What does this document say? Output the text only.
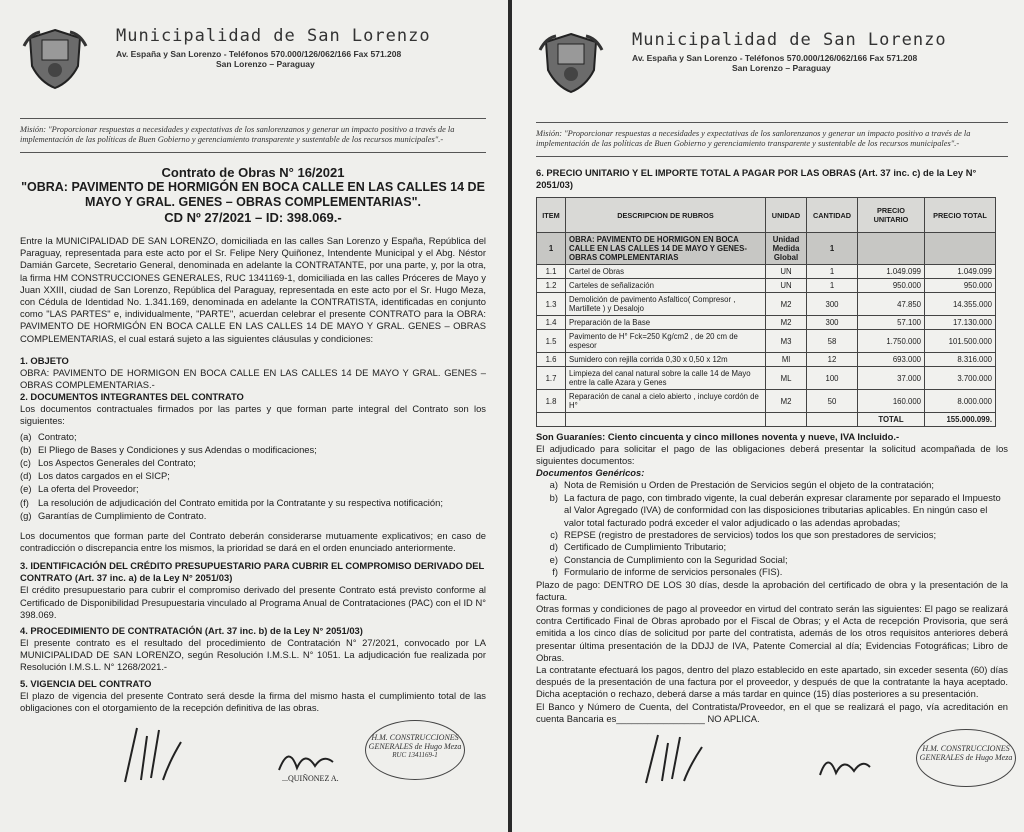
Municipalidad de San Lorenzo
Av. España y San Lorenzo - Teléfonos 570.000/126/062/166 Fax 571.208
San Lorenzo – Paraguay
Misión: "Proporcionar respuestas a necesidades y expectativas de los sanlorenzanos y generar un impacto positivo a través de la implementación de las políticas de Buen Gobierno y gerenciamiento transparente y sustentable de los recursos municipales".-
Contrato de Obras N° 16/2021
"OBRA: PAVIMENTO DE HORMIGÓN EN BOCA CALLE EN LAS CALLES 14 DE MAYO Y GRAL. GENES – OBRAS COMPLEMENTARIAS".
CD Nº 27/2021 – ID: 398.069.-
Entre la MUNICIPALIDAD DE SAN LORENZO, domiciliada en las calles San Lorenzo y España, República del Paraguay, representada para este acto por el Sr. Felipe Nery Quiñonez, Intendente Municipal y el Abg. Néstor Damián Garcete, Secretario General, denominada en adelante la CONTRATANTE, por una parte, y, por la otra, la firma HM CONSTRUCCIONES GENERALES, RUC 1341169-1, domiciliada en las calles Próceres de Mayo y Juan XXIII, ciudad de San Lorenzo, República del Paraguay, representada en este acto por el Sr. Hugo Meza, con Cédula de Identidad No. 1.341.169, denominada en adelante la CONTRATISTA, identificadas en conjunto como "LAS PARTES" e, individualmente, "PARTE", acuerdan celebrar el presente CONTRATO para la OBRA: PAVIMENTO DE HORMIGÓN EN BOCA CALLE EN LAS CALLES 14 DE MAYO Y GRAL. GENES – OBRAS COMPLEMENTARIAS, el cual estará sujeto a las siguientes cláusulas y condiciones:
1. OBJETO
OBRA: PAVIMENTO DE HORMIGON EN BOCA CALLE EN LAS CALLES 14 DE MAYO Y GRAL. GENES – OBRAS COMPLEMENTARIAS.-
2. DOCUMENTOS INTEGRANTES DEL CONTRATO
Los documentos contractuales firmados por las partes y que forman parte integral del Contrato son los siguientes:
(a) Contrato;
(b) El Pliego de Bases y Condiciones y sus Adendas o modificaciones;
(c) Los Aspectos Generales del Contrato;
(d) Los datos cargados en el SICP;
(e) La oferta del Proveedor;
(f) La resolución de adjudicación del Contrato emitida por la Contratante y su respectiva notificación;
(g) Garantías de Cumplimiento de Contrato.
Los documentos que forman parte del Contrato deberán considerarse mutuamente explicativos; en caso de contradicción o discrepancia entre los mismos, la prioridad se dará en el orden enunciado anteriormente.
3. IDENTIFICACIÓN DEL CRÉDITO PRESUPUESTARIO PARA CUBRIR EL COMPROMISO DERIVADO DEL CONTRATO (Art. 37 inc. a) de la Ley N° 2051/03)
El crédito presupuestario para cubrir el compromiso derivado del presente Contrato está previsto conforme al Certificado de Disponibilidad Presupuestaria vinculado al Programa Anual de Contrataciones (PAC) con el ID N° 398.069.
4. PROCEDIMIENTO DE CONTRATACIÓN (Art. 37 inc. b) de la Ley N° 2051/03)
El presente contrato es el resultado del procedimiento de Contratación N° 27/2021, convocado por LA MUNICIPALIDAD DE SAN LORENZO, según Resolución I.M.S.L. N° 1051. La adjudicación fue realizada por Resolución I.M.S.L. N° 1268/2021.-
5. VIGENCIA DEL CONTRATO
El plazo de vigencia del presente Contrato será desde la firma del mismo hasta el cumplimiento total de las obligaciones con el otorgamiento de la recepción definitiva de las obras.
...QUIÑONEZ A.
H.M. CONSTRUCCIONES GENERALES de Hugo Meza
RUC 1341169-1
Municipalidad de San Lorenzo
Av. España y San Lorenzo - Teléfonos 570.000/126/062/166 Fax 571.208
San Lorenzo – Paraguay
Misión: "Proporcionar respuestas a necesidades y expectativas de los sanlorenzanos y generar un impacto positivo a través de la implementación de las políticas de Buen Gobierno y gerenciamiento transparente y sustentable de los recursos municipales".-
6. PRECIO UNITARIO Y EL IMPORTE TOTAL A PAGAR POR LAS OBRAS (Art. 37 inc. c) de la Ley N° 2051/03)
ITEM	DESCRIPCION DE RUBROS	UNIDAD	CANTIDAD	PRECIO UNITARIO	PRECIO TOTAL
1	OBRA: PAVIMENTO DE HORMIGON EN BOCA CALLE EN LAS CALLES 14 DE MAYO Y GENES- OBRAS COMPLEMENTARIAS	Unidad Medida Global	1		
1.1	Cartel de Obras	UN	1	1.049.099	1.049.099
1.2	Carteles de señalización	UN	1	950.000	950.000
1.3	Demolición de pavimento Asfaltico( Compresor , Martillete ) y Desalojo	M2	300	47.850	14.355.000
1.4	Preparación de la Base	M2	300	57.100	17.130.000
1.5	Pavimento de H° Fck=250 Kg/cm2 , de 20 cm de espesor	M3	58	1.750.000	101.500.000
1.6	Sumidero con rejilla corrida 0,30 x 0,50 x 12m	Ml	12	693.000	8.316.000
1.7	Limpieza del canal natural sobre la calle 14 de Mayo entre la calle Azara y Genes	ML	100	37.000	3.700.000
1.8	Reparación de canal a cielo abierto , incluye cordón de H°	M2	50	160.000	8.000.000
				TOTAL	155.000.099.
Son Guaraníes: Ciento cincuenta y cinco millones noventa y nueve, IVA Incluido.-
El adjudicado para solicitar el pago de las obligaciones deberá presentar la solicitud acompañada de los siguientes documentos:
Documentos Genéricos:
a) Nota de Remisión u Orden de Prestación de Servicios según el objeto de la contratación;
b) La factura de pago, con timbrado vigente, la cual deberán expresar claramente por separado el Impuesto al Valor Agregado (IVA) de conformidad con las disposiciones tributarias aplicables. En ningún caso el valor total facturado podrá exceder el valor adjudicado o las adendas aprobadas;
c) REPSE (registro de prestadores de servicios) todos los que son prestadores de servicios;
d) Certificado de Cumplimiento Tributario;
e) Constancia de Cumplimiento con la Seguridad Social;
f) Formulario de informe de servicios personales (FIS).
Plazo de pago: DENTRO DE LOS 30 días, desde la aprobación del certificado de obra y la presentación de la factura.
Otras formas y condiciones de pago al proveedor en virtud del contrato serán las siguientes: El pago se realizará contra Certificado Final de Obras aprobado por el Fiscal de Obras; y el Acta de recepción Provisoria, que será emitida a los cinco días de solicitud por parte del contratista, además de los otros requisitos anteriores deberá presentar última presentación de la DDJJ de IVA, Patente Comercial al día; Evidencias Fotográficas; Libro de Obras.
La contratante efectuará los pagos, dentro del plazo establecido en este apartado, sin exceder sesenta (60) días después de la presentación de una factura por el proveedor, y después de que la contratante la haya aceptado. Dicha aceptación o rechazo, deberá darse a más tardar en quince (15) días posteriores a su presentación.
El Banco y Número de Cuenta, del Contratista/Proveedor, en el que se realizará el pago, vía acreditación en cuenta Bancaria es_________________ NO APLICA.
H.M. CONSTRUCCIONES GENERALES de Hugo Meza
